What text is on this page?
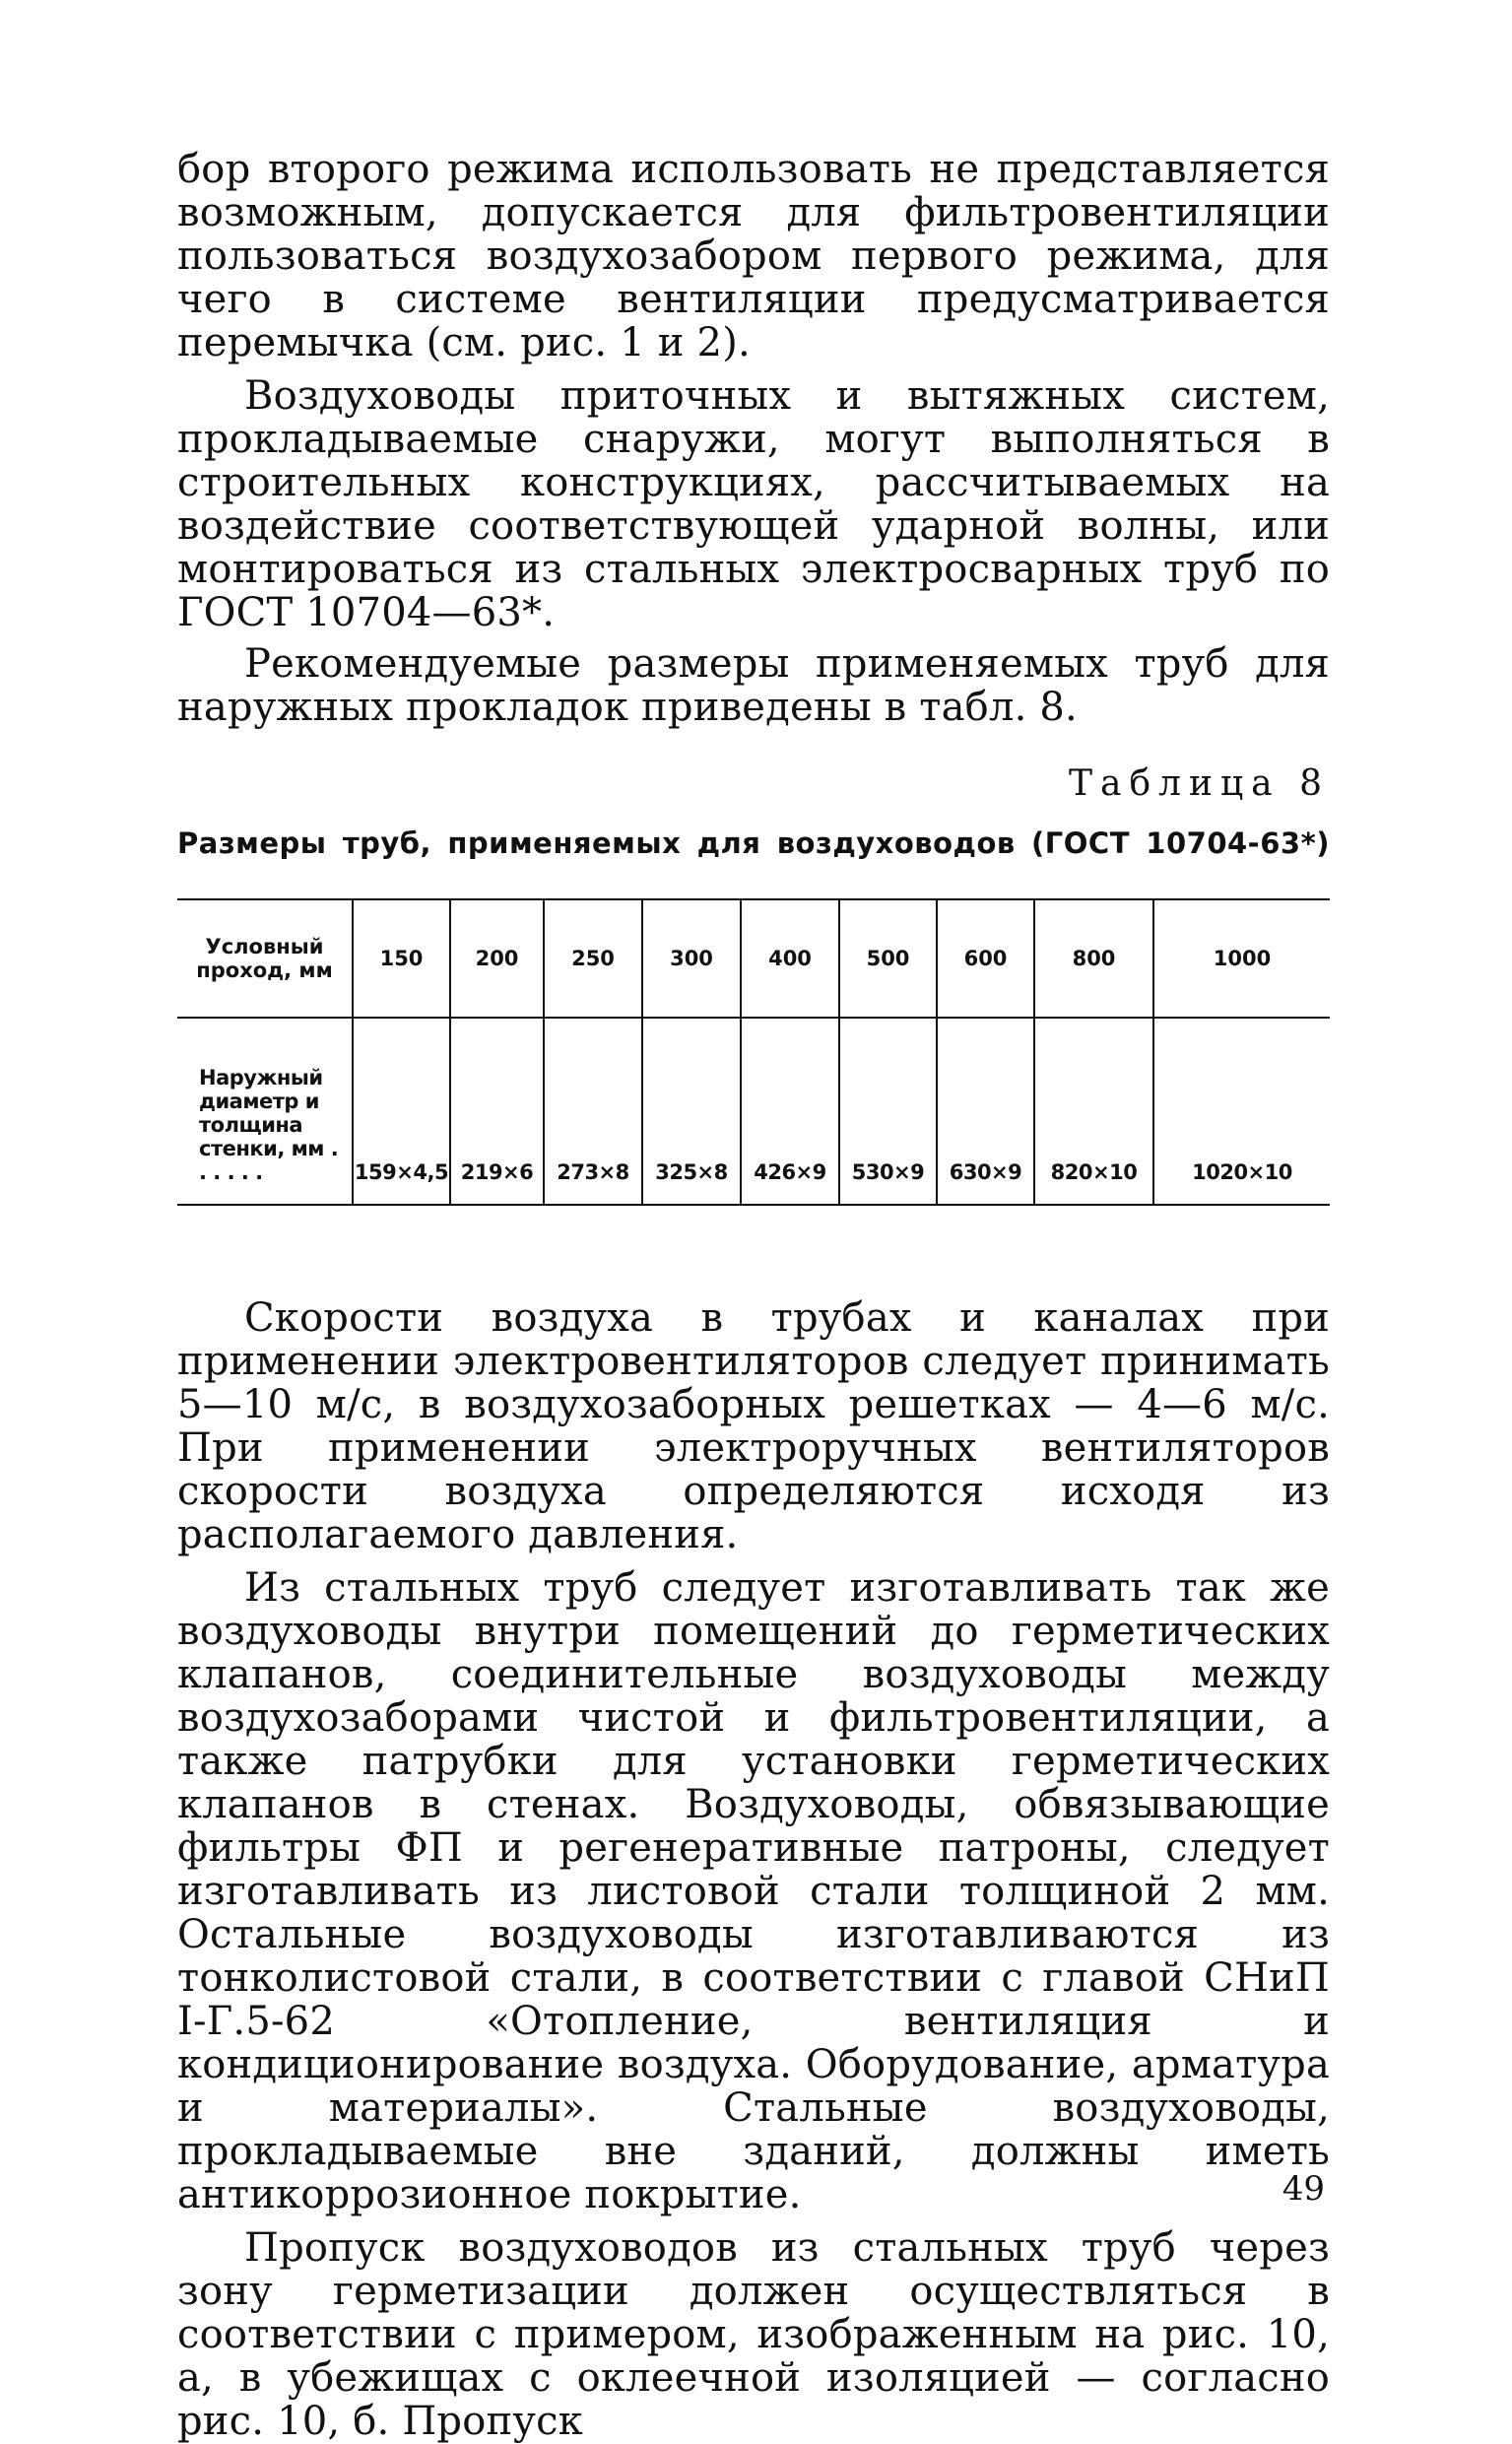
бор второго режима использовать не представляется возможным, допускается для фильтровентиляции пользоваться воздухозабором первого режима, для чего в системе вентиляции предусматривается перемычка (см. рис. 1 и 2).

Воздуховоды приточных и вытяжных систем, прокладываемые снаружи, могут выполняться в строительных конструкциях, рассчитываемых на воздействие соответствующей ударной волны, или монтироваться из стальных электросварных труб по ГОСТ 10704—63*.

Рекомендуемые размеры применяемых труб для наружных прокладок приведены в табл. 8.

Таблица 8
Размеры труб, применяемых для воздуховодов (ГОСТ 10704-63*)
Условный проход, мм	150	200	250	300	400	500	600	800	1000
Наружный диаметр и толщина стенки, мм . . . . . .	159×4,5	219×6	273×8	325×8	426×9	530×9	630×9	820×10	1020×10

Скорости воздуха в трубах и каналах при применении электровентиляторов следует принимать 5—10 м/с, в воздухозаборных решетках — 4—6 м/с. При применении электроручных вентиляторов скорости воздуха определяются исходя из располагаемого давления.

Из стальных труб следует изготавливать так же воздуховоды внутри помещений до герметических клапанов, соединительные воздуховоды между воздухозаборами чистой и фильтровентиляции, а также патрубки для установки герметических клапанов в стенах. Воздуховоды, обвязывающие фильтры ФП и регенеративные патроны, следует изготавливать из листовой стали толщиной 2 мм. Остальные воздуховоды изготавливаются из тонколистовой стали, в соответствии с главой СНиП I-Г.5-62 «Отопление, вентиляция и кондиционирование воздуха. Оборудование, арматура и материалы». Стальные воздуховоды, прокладываемые вне зданий, должны иметь антикоррозионное покрытие.

Пропуск воздуховодов из стальных труб через зону герметизации должен осуществляться в соответствии с примером, изображенным на рис. 10, а, в убежищах с оклеечной изоляцией — согласно рис. 10, б. Пропуск

49
